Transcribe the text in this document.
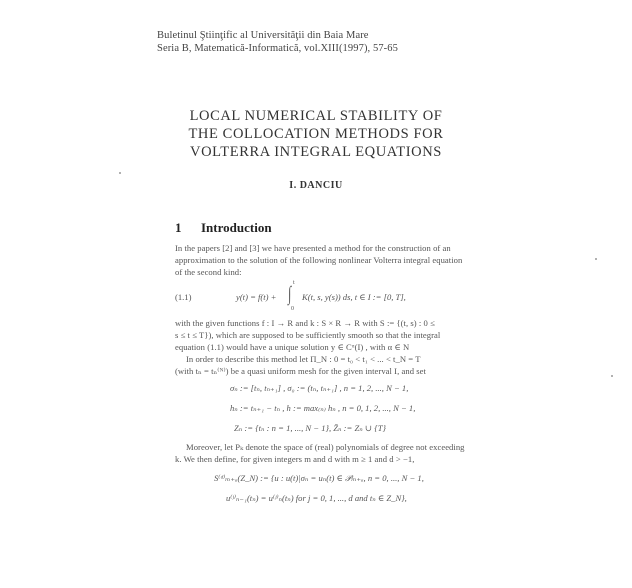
Buletinul Ştiinţific al Universităţii din Baia Mare
Seria B, Matematică-Informatică, vol.XIII(1997), 57-65
LOCAL NUMERICAL STABILITY OF
THE COLLOCATION METHODS FOR
VOLTERRA INTEGRAL EQUATIONS
I. DANCIU
1 Introduction
In the papers [2] and [3] we have presented a method for the construction of an
approximation to the solution of the following nonlinear Volterra integral equation
of the second kind:
(1.1)	y(t) = f(t) +
t
∫
0
K(t, s, y(s)) ds, t ∈ I := [0, T],
with the given functions f : I → R and k : S × R → R with S := {(t, s) : 0 ≤
s ≤ t ≤ T}), which are supposed to be sufficiently smooth so that the integral
equation (1.1) would have a unique solution y ∈ Cᵅ(I) , with α ∈ N
In order to describe this method let Π_N : 0 = t₀ < t₁ < ... < t_N = T
(with tₙ = tₙ⁽ᴺ⁾) be a quasi uniform mesh for the given interval I, and set
σₙ := [tₙ, tₙ₊₁] , σ₀ := (tₙ, tₙ₊₁] , n = 1, 2, ..., N − 1,
hₙ := tₙ₊₁ − tₙ , h := max₍ₙ₎ hₙ , n = 0, 1, 2, ..., N − 1,
Zₙ := {tₙ : n = 1, ..., N − 1}, Z̄ₙ := Zₙ ∪ {T}
Moreover, let Pₖ denote the space of (real) polynomials of degree not exceeding
k. We then define, for given integers m and d with m ≥ 1 and d > −1,
S⁽ᵈ⁾ₘ₊ₐ(Z_N) := {u : u(t)|σₙ = uₙ(t) ∈ 𝒫ₘ₊ₐ, n = 0, ..., N − 1,
u⁽ʲ⁾ₙ₋₁(tₙ) = u⁽ʲ⁾ₙ(tₙ) for j = 0, 1, ..., d and tₙ ∈ Z_N},
